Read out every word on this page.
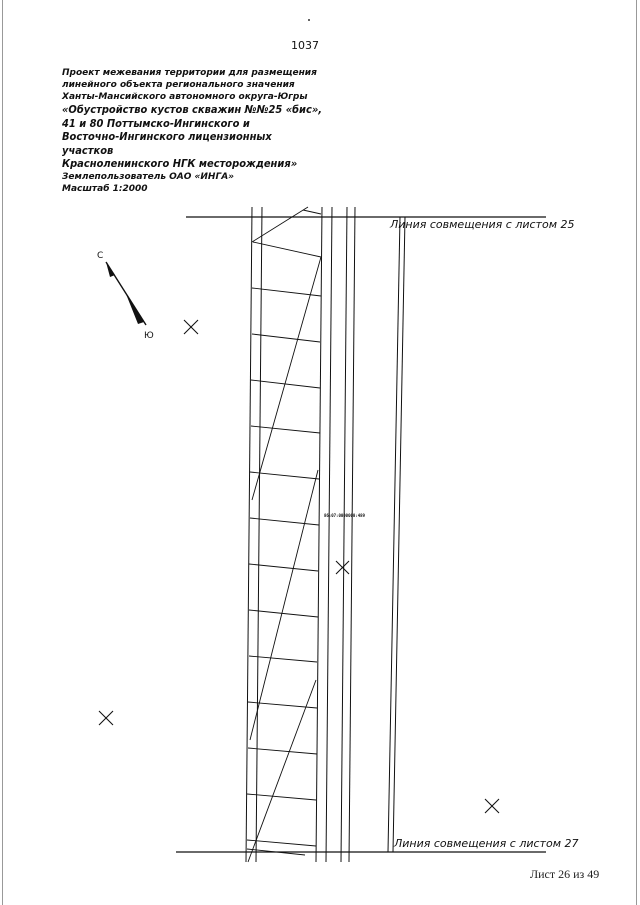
1037

Проект межевания территории для размещения

линейного объекта регионального значения

Ханты-Мансийского автономного округа-Югры

«Обустройство кустов скважин №№25 «бис»,

41 и 80 Поттымско-Ингинского и

Восточно-Ингинского лицензионных участков

Красноленинского НГК месторождения»

Землепользователь ОАО «ИНГА»

Масштаб 1:2000

Линия совмещения с листом 25
Линия совмещения с листом 27
86:07:0000000:489
С
Ю
Лист 26 из 49
